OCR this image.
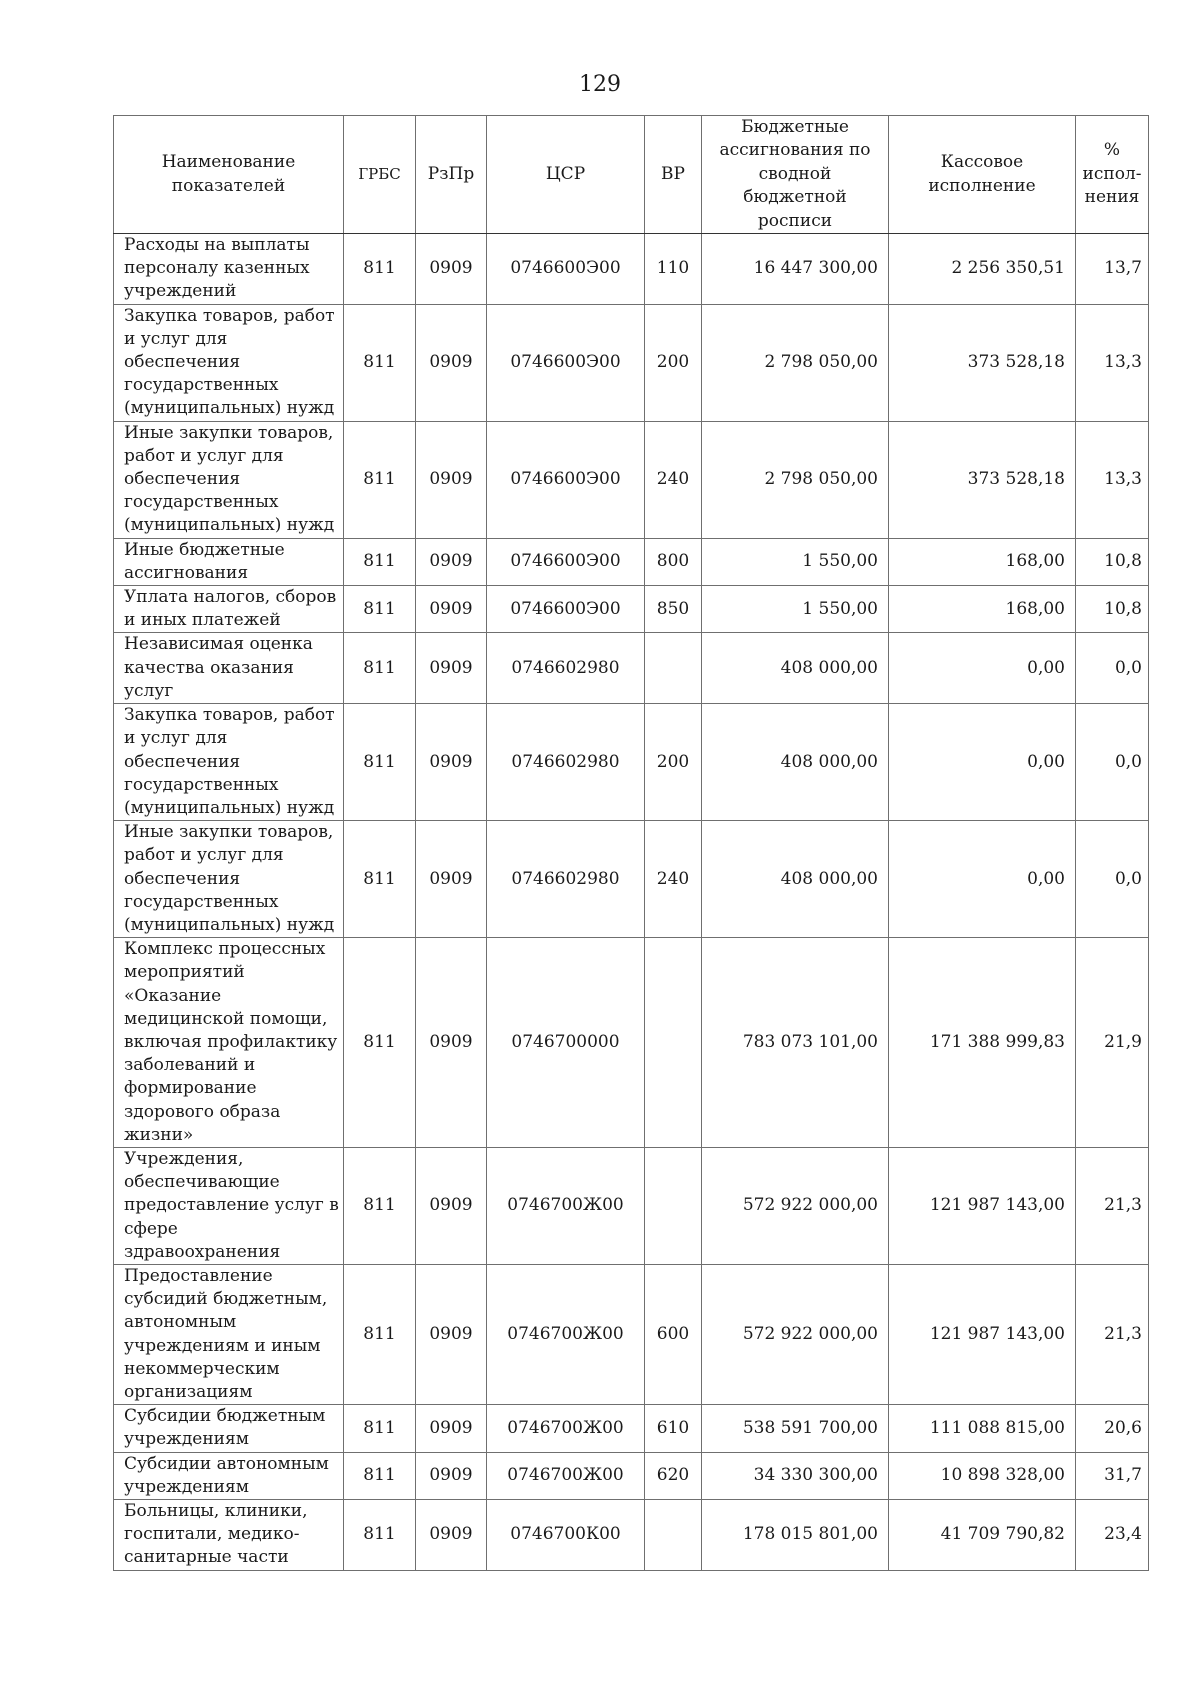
129
Наименование показателей	ГРБС	РзПр	ЦСР	ВР	Бюджетные ассигнования по сводной бюджетной росписи	Кассовое исполнение	% испол-нения
Расходы на выплаты персоналу казенных учреждений	811	0909	0746600Э00	110	16 447 300,00	2 256 350,51	13,7
Закупка товаров, работ и услуг для обеспечения государственных (муниципальных) нужд	811	0909	0746600Э00	200	2 798 050,00	373 528,18	13,3
Иные закупки товаров, работ и услуг для обеспечения государственных (муниципальных) нужд	811	0909	0746600Э00	240	2 798 050,00	373 528,18	13,3
Иные бюджетные ассигнования	811	0909	0746600Э00	800	1 550,00	168,00	10,8
Уплата налогов, сборов и иных платежей	811	0909	0746600Э00	850	1 550,00	168,00	10,8
Независимая оценка качества оказания услуг	811	0909	0746602980		408 000,00	0,00	0,0
Закупка товаров, работ и услуг для обеспечения государственных (муниципальных) нужд	811	0909	0746602980	200	408 000,00	0,00	0,0
Иные закупки товаров, работ и услуг для обеспечения государственных (муниципальных) нужд	811	0909	0746602980	240	408 000,00	0,00	0,0
Комплекс процессных мероприятий «Оказание медицинской помощи, включая профилактику заболеваний и формирование здорового образа жизни»	811	0909	0746700000		783 073 101,00	171 388 999,83	21,9
Учреждения, обеспечивающие предоставление услуг в сфере здравоохранения	811	0909	0746700Ж00		572 922 000,00	121 987 143,00	21,3
Предоставление субсидий бюджетным, автономным учреждениям и иным некоммерческим организациям	811	0909	0746700Ж00	600	572 922 000,00	121 987 143,00	21,3
Субсидии бюджетным учреждениям	811	0909	0746700Ж00	610	538 591 700,00	111 088 815,00	20,6
Субсидии автономным учреждениям	811	0909	0746700Ж00	620	34 330 300,00	10 898 328,00	31,7
Больницы, клиники, госпитали, медико-санитарные части	811	0909	0746700К00		178 015 801,00	41 709 790,82	23,4
